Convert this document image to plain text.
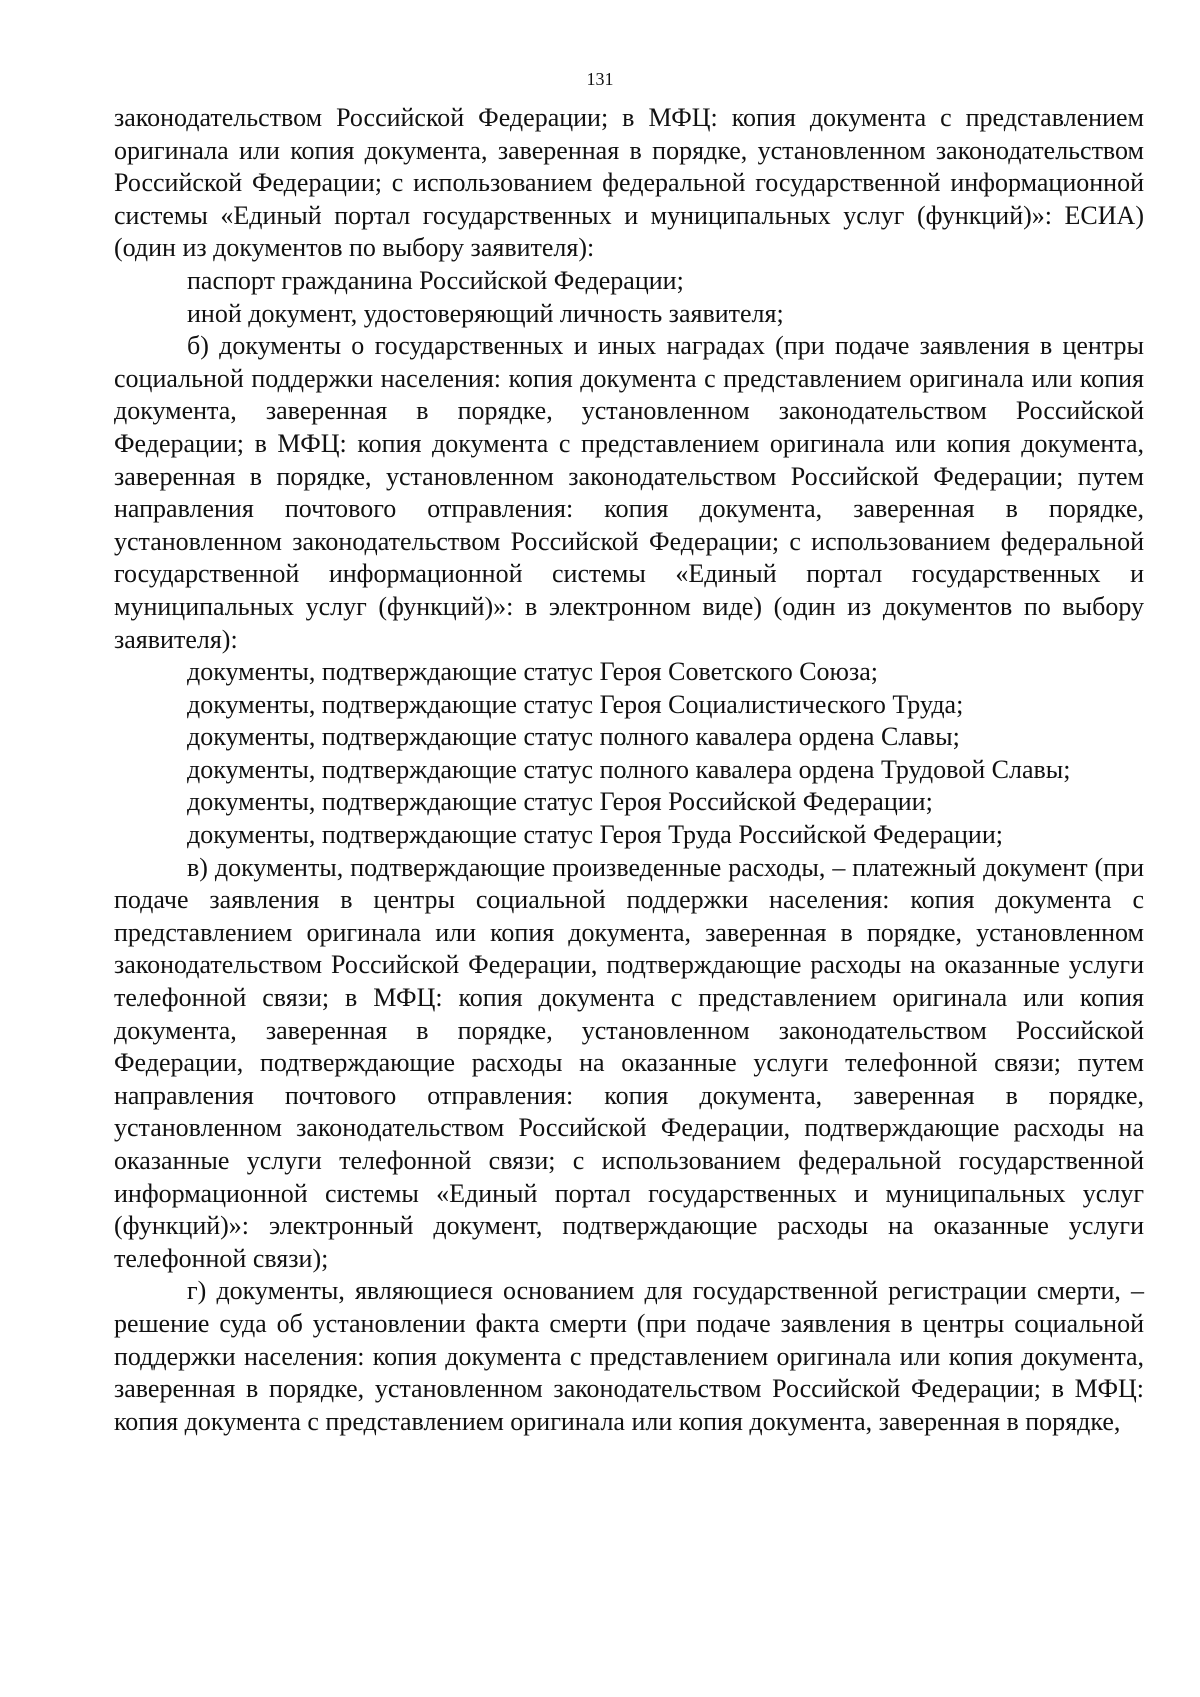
131

законодательством Российской Федерации; в МФЦ: копия документа с представлением оригинала или копия документа, заверенная в порядке, установленном законодательством Российской Федерации; с использованием федеральной государственной информационной системы «Единый портал государственных и муниципальных услуг (функций)»: ЕСИА) (один из документов по выбору заявителя):

паспорт гражданина Российской Федерации;

иной документ, удостоверяющий личность заявителя;

б) документы о государственных и иных наградах (при подаче заявления в центры социальной поддержки населения: копия документа с представлением оригинала или копия документа, заверенная в порядке, установленном законодательством Российской Федерации; в МФЦ: копия документа с представлением оригинала или копия документа, заверенная в порядке, установленном законодательством Российской Федерации; путем направления почтового отправления: копия документа, заверенная в порядке, установленном законодательством Российской Федерации; с использованием федеральной государственной информационной системы «Единый портал государственных и муниципальных услуг (функций)»: в электронном виде) (один из документов по выбору заявителя):

документы, подтверждающие статус Героя Советского Союза;

документы, подтверждающие статус Героя Социалистического Труда;

документы, подтверждающие статус полного кавалера ордена Славы;

документы, подтверждающие статус полного кавалера ордена Трудовой Славы;

документы, подтверждающие статус Героя Российской Федерации;

документы, подтверждающие статус Героя Труда Российской Федерации;

в) документы, подтверждающие произведенные расходы, – платежный документ (при подаче заявления в центры социальной поддержки населения: копия документа с представлением оригинала или копия документа, заверенная в порядке, установленном законодательством Российской Федерации, подтверждающие расходы на оказанные услуги телефонной связи; в МФЦ: копия документа с представлением оригинала или копия документа, заверенная в порядке, установленном законодательством Российской Федерации, подтверждающие расходы на оказанные услуги телефонной связи; путем направления почтового отправления: копия документа, заверенная в порядке, установленном законодательством Российской Федерации, подтверждающие расходы на оказанные услуги телефонной связи; с использованием федеральной государственной информационной системы «Единый портал государственных и муниципальных услуг (функций)»: электронный документ, подтверждающие расходы на оказанные услуги телефонной связи);

г) документы, являющиеся основанием для государственной регистрации смерти, – решение суда об установлении факта смерти (при подаче заявления в центры социальной поддержки населения: копия документа с представлением оригинала или копия документа, заверенная в порядке, установленном законодательством Российской Федерации; в МФЦ: копия документа с представлением оригинала или копия документа, заверенная в порядке,
